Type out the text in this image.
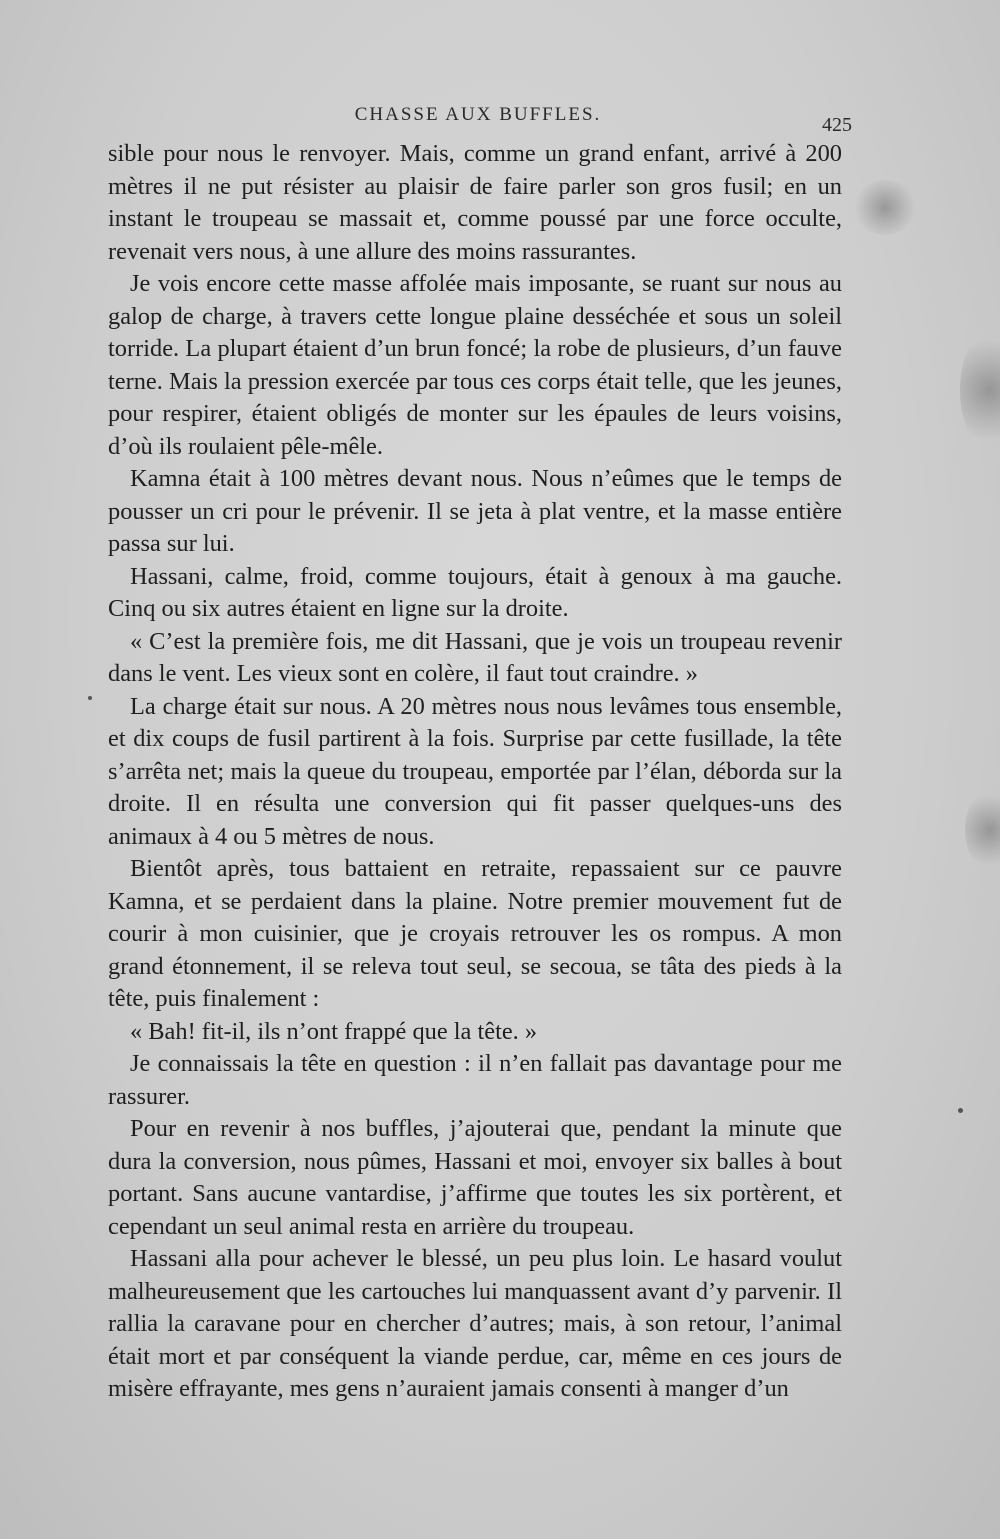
CHASSE AUX BUFFLES.	425

sible pour nous le renvoyer. Mais, comme un grand enfant, arrivé à 200 mètres il ne put résister au plaisir de faire parler son gros fusil; en un instant le troupeau se massait et, comme poussé par une force occulte, revenait vers nous, à une allure des moins rassurantes.

Je vois encore cette masse affolée mais imposante, se ruant sur nous au galop de charge, à travers cette longue plaine desséchée et sous un soleil torride. La plupart étaient d’un brun foncé; la robe de plusieurs, d’un fauve terne. Mais la pression exercée par tous ces corps était telle, que les jeunes, pour respirer, étaient obligés de monter sur les épaules de leurs voisins, d’où ils roulaient pêle-mêle.

Kamna était à 100 mètres devant nous. Nous n’eûmes que le temps de pousser un cri pour le prévenir. Il se jeta à plat ventre, et la masse entière passa sur lui.

Hassani, calme, froid, comme toujours, était à genoux à ma gauche. Cinq ou six autres étaient en ligne sur la droite.

« C’est la première fois, me dit Hassani, que je vois un troupeau revenir dans le vent. Les vieux sont en colère, il faut tout craindre. »

La charge était sur nous. A 20 mètres nous nous levâmes tous ensemble, et dix coups de fusil partirent à la fois. Surprise par cette fusillade, la tête s’arrêta net; mais la queue du troupeau, emportée par l’élan, déborda sur la droite. Il en résulta une conversion qui fit passer quelques-uns des animaux à 4 ou 5 mètres de nous.

Bientôt après, tous battaient en retraite, repassaient sur ce pauvre Kamna, et se perdaient dans la plaine. Notre premier mouvement fut de courir à mon cuisinier, que je croyais retrouver les os rompus. A mon grand étonnement, il se releva tout seul, se secoua, se tâta des pieds à la tête, puis finalement :

« Bah! fit-il, ils n’ont frappé que la tête. »

Je connaissais la tête en question : il n’en fallait pas davantage pour me rassurer.

Pour en revenir à nos buffles, j’ajouterai que, pendant la minute que dura la conversion, nous pûmes, Hassani et moi, envoyer six balles à bout portant. Sans aucune vantardise, j’affirme que toutes les six portèrent, et cependant un seul animal resta en arrière du troupeau.

Hassani alla pour achever le blessé, un peu plus loin. Le hasard voulut malheureusement que les cartouches lui manquassent avant d’y parvenir. Il rallia la caravane pour en chercher d’autres; mais, à son retour, l’animal était mort et par conséquent la viande perdue, car, même en ces jours de misère effrayante, mes gens n’auraient jamais consenti à manger d’un
